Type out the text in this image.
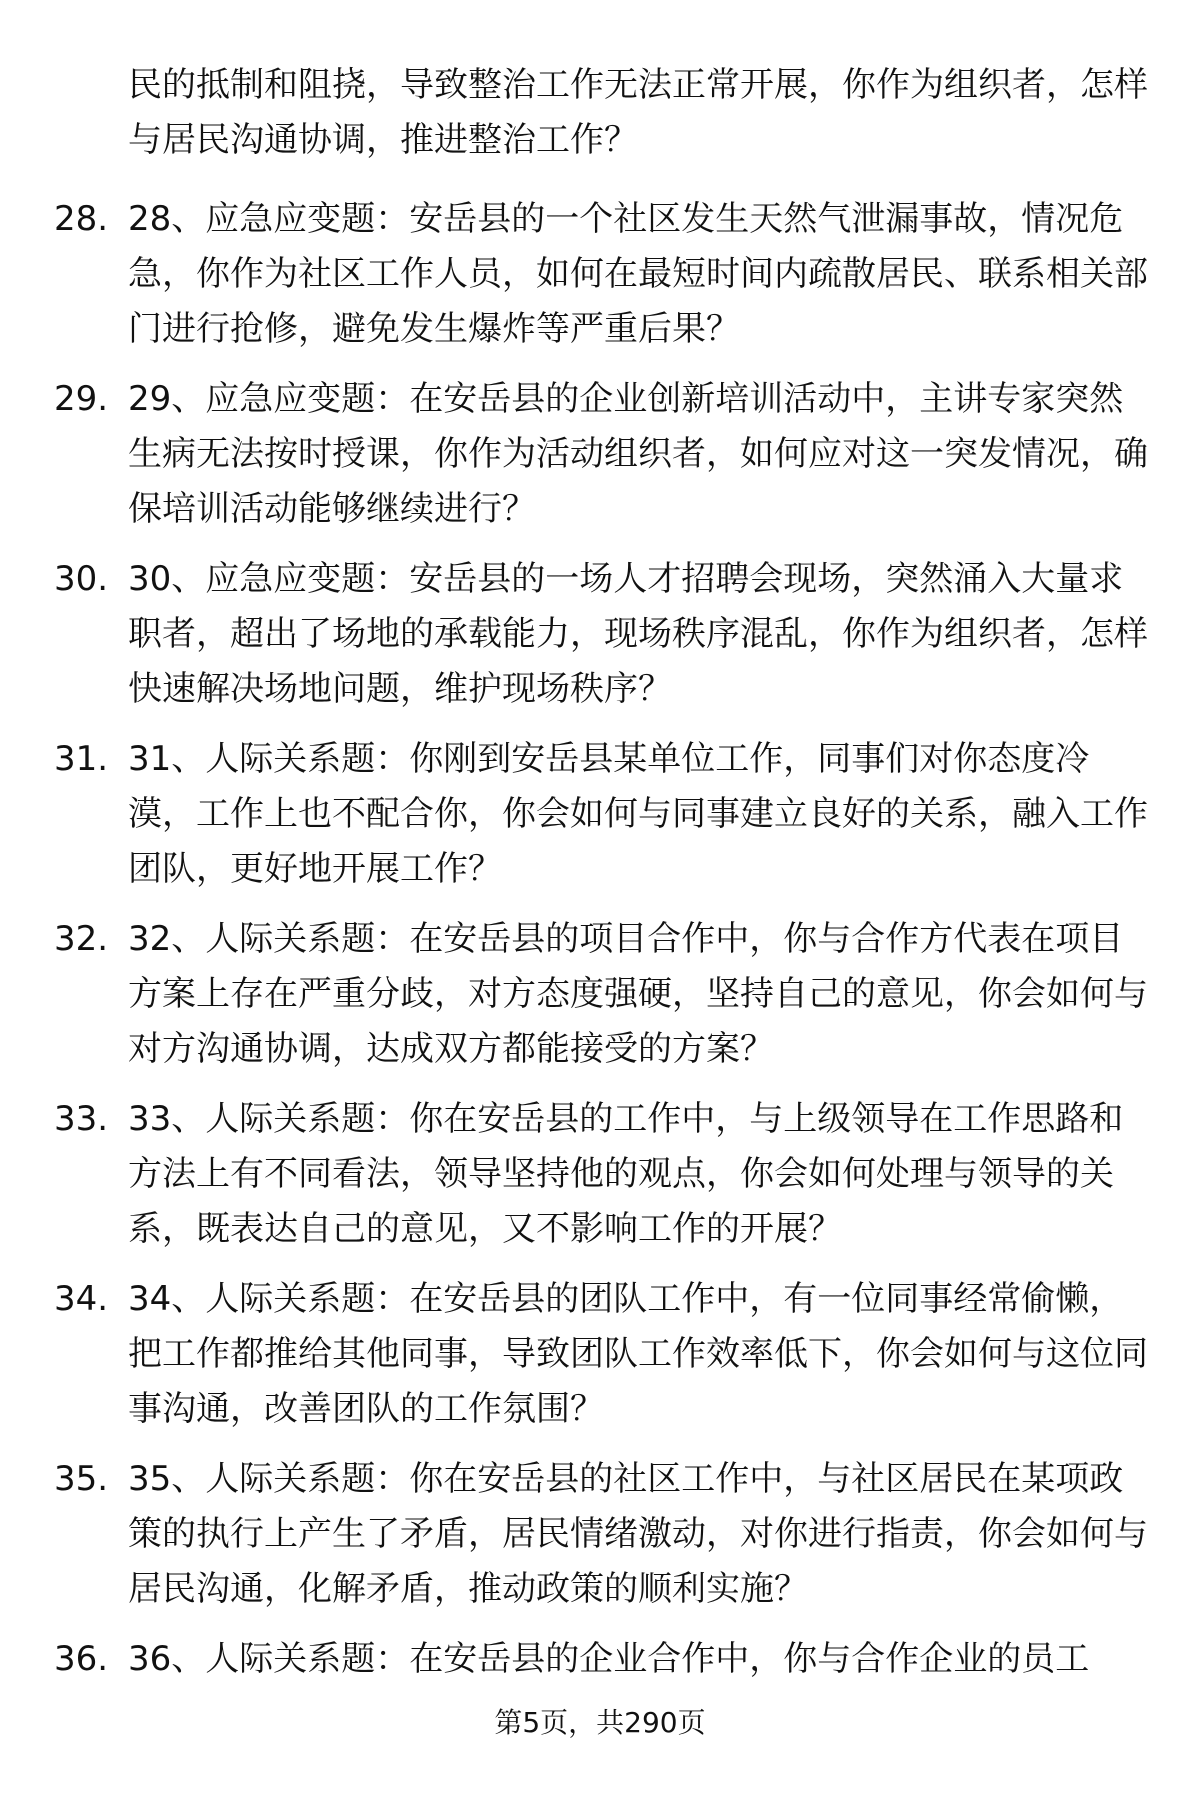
民的抵制和阻挠，导致整治工作无法正常开展，你作为组织者，怎样与居民沟通协调，推进整治工作？
28. 28、应急应变题：安岳县的一个社区发生天然气泄漏事故，情况危急，你作为社区工作人员，如何在最短时间内疏散居民、联系相关部门进行抢修，避免发生爆炸等严重后果？
29. 29、应急应变题：在安岳县的企业创新培训活动中，主讲专家突然生病无法按时授课，你作为活动组织者，如何应对这一突发情况，确保培训活动能够继续进行？
30. 30、应急应变题：安岳县的一场人才招聘会现场，突然涌入大量求职者，超出了场地的承载能力，现场秩序混乱，你作为组织者，怎样快速解决场地问题，维护现场秩序？
31. 31、人际关系题：你刚到安岳县某单位工作，同事们对你态度冷漠，工作上也不配合你，你会如何与同事建立良好的关系，融入工作团队，更好地开展工作？
32. 32、人际关系题：在安岳县的项目合作中，你与合作方代表在项目方案上存在严重分歧，对方态度强硬，坚持自己的意见，你会如何与对方沟通协调，达成双方都能接受的方案？
33. 33、人际关系题：你在安岳县的工作中，与上级领导在工作思路和方法上有不同看法，领导坚持他的观点，你会如何处理与领导的关系，既表达自己的意见，又不影响工作的开展？
34. 34、人际关系题：在安岳县的团队工作中，有一位同事经常偷懒，把工作都推给其他同事，导致团队工作效率低下，你会如何与这位同事沟通，改善团队的工作氛围？
35. 35、人际关系题：你在安岳县的社区工作中，与社区居民在某项政策的执行上产生了矛盾，居民情绪激动，对你进行指责，你会如何与居民沟通，化解矛盾，推动政策的顺利实施？
36. 36、人际关系题：在安岳县的企业合作中，你与合作企业的员工
第5页，共290页
